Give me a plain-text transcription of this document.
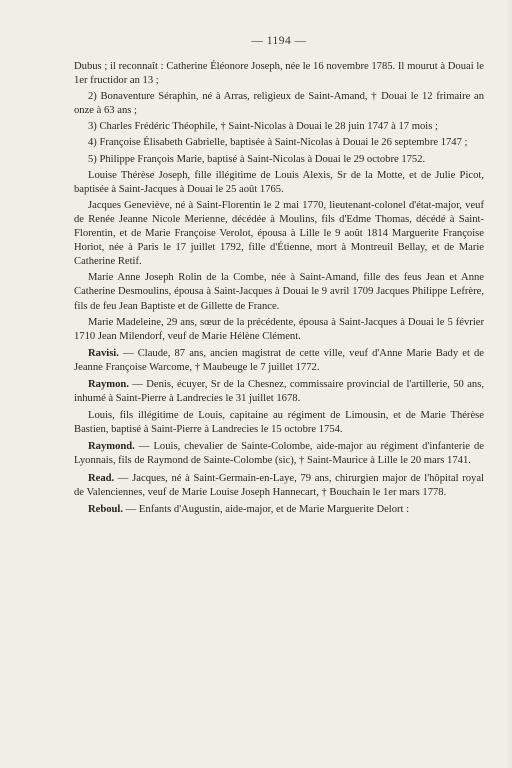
— 1194 —
Dubus ; il reconnaît : Catherine Éléonore Joseph, née le 16 novembre 1785. Il mourut à Douai le 1er fructidor an 13 ;
2) Bonaventure Séraphin, né à Arras, religieux de Saint-Amand, † Douai le 12 frimaire an onze à 63 ans ;
3) Charles Frédéric Théophile, † Saint-Nicolas à Douai le 28 juin 1747 à 17 mois ;
4) Françoise Élisabeth Gabrielle, baptisée à Saint-Nicolas à Douai le 26 septembre 1747 ;
5) Philippe François Marie, baptisé à Saint-Nicolas à Douai le 29 octobre 1752.
Louise Thérèse Joseph, fille illégitime de Louis Alexis, Sr de la Motte, et de Julie Picot, baptisée à Saint-Jacques à Douai le 25 août 1765.
Jacques Geneviève, né à Saint-Florentin le 2 mai 1770, lieutenant-colonel d'état-major, veuf de Renée Jeanne Nicole Merienne, décédée à Moulins, fils d'Edme Thomas, décédé à Saint-Florentin, et de Marie Françoise Verolot, épousa à Lille le 9 août 1814 Marguerite Françoise Horiot, née à Paris le 17 juillet 1792, fille d'Étienne, mort à Montreuil Bellay, et de Marie Catherine Retif.
Marie Anne Joseph Rolin de la Combe, née à Saint-Amand, fille des feus Jean et Anne Catherine Desmoulins, épousa à Saint-Jacques à Douai le 9 avril 1709 Jacques Philippe Lefrère, fils de feu Jean Baptiste et de Gillette de France.
Marie Madeleine, 29 ans, sœur de la précédente, épousa à Saint-Jacques à Douai le 5 février 1710 Jean Milendorf, veuf de Marie Hélène Clément.
Ravisi. — Claude, 87 ans, ancien magistrat de cette ville, veuf d'Anne Marie Bady et de Jeanne Françoise Warcome, † Maubeuge le 7 juillet 1772.
Raymon. — Denis, écuyer, Sr de la Chesnez, commissaire provincial de l'artillerie, 50 ans, inhumé à Saint-Pierre à Landrecies le 31 juillet 1678.
Louis, fils illégitime de Louis, capitaine au régiment de Limousin, et de Marie Thérèse Bastien, baptisé à Saint-Pierre à Landrecies le 15 octobre 1754.
Raymond. — Louis, chevalier de Sainte-Colombe, aide-major au régiment d'infanterie de Lyonnais, fils de Raymond de Sainte-Colombe (sic), † Saint-Maurice à Lille le 20 mars 1741.
Read. — Jacques, né à Saint-Germain-en-Laye, 79 ans, chirurgien major de l'hôpital royal de Valenciennes, veuf de Marie Louise Joseph Hannecart, † Bouchain le 1er mars 1778.
Reboul. — Enfants d'Augustin, aide-major, et de Marie Marguerite Delort :
